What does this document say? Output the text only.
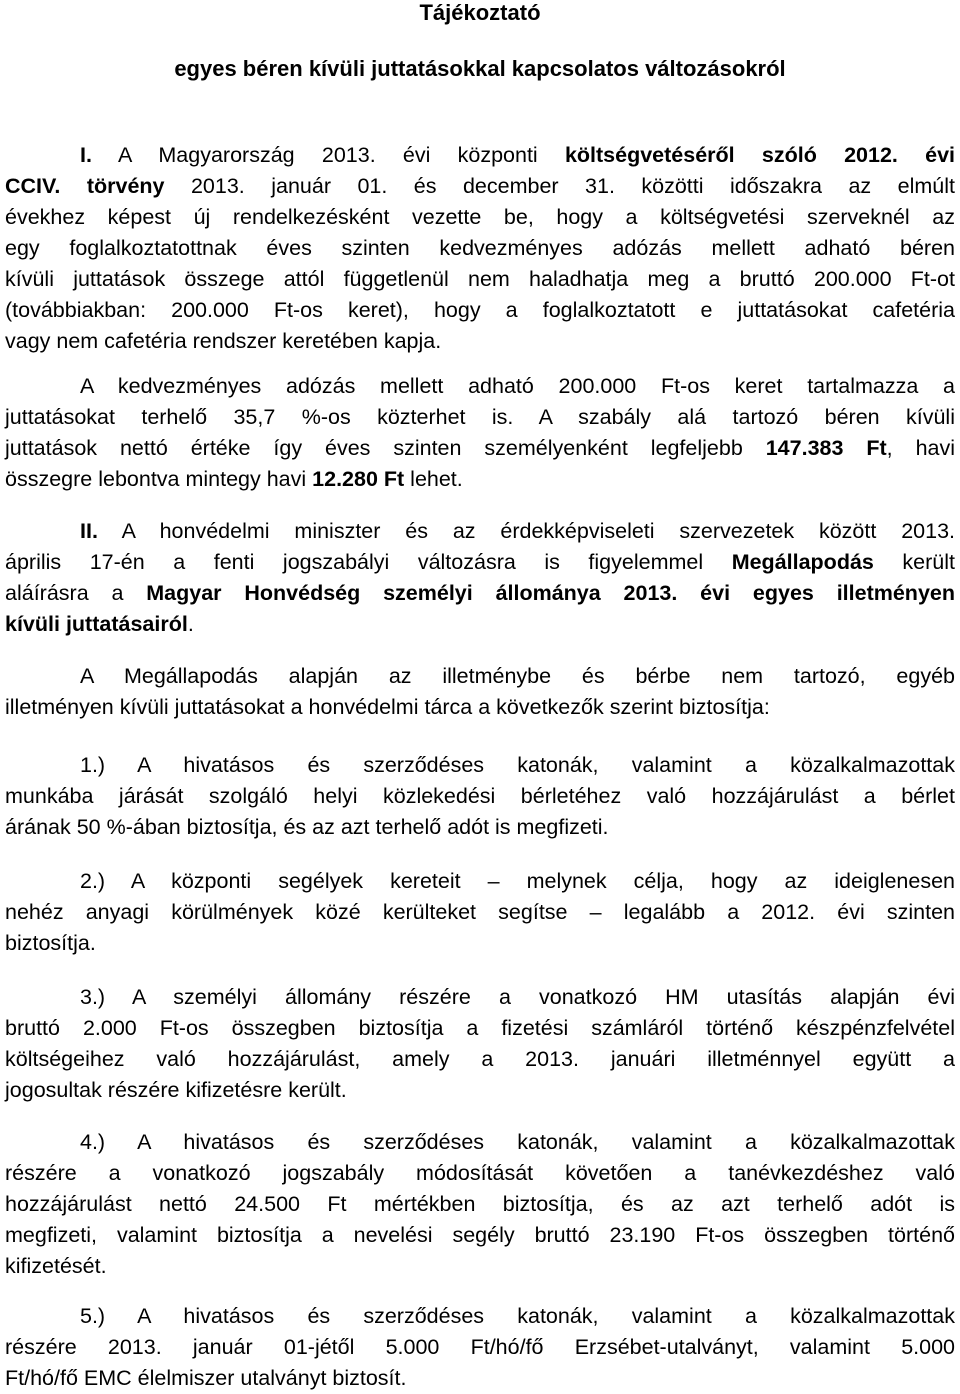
Tájékoztató
egyes béren kívüli juttatásokkal kapcsolatos változásokról
I. A Magyarország 2013. évi központi költségvetéséről szóló 2012. évi
CCIV. törvény 2013. január 01. és december 31. közötti időszakra az elmúlt
évekhez képest új rendelkezésként vezette be, hogy a költségvetési szerveknél az
egy foglalkoztatottnak éves szinten kedvezményes adózás mellett adható béren
kívüli juttatások összege attól függetlenül nem haladhatja meg a bruttó 200.000 Ft-ot
(továbbiakban: 200.000 Ft-os keret), hogy a foglalkoztatott e juttatásokat cafetéria
vagy nem cafetéria rendszer keretében kapja.
A kedvezményes adózás mellett adható 200.000 Ft-os keret tartalmazza a
juttatásokat terhelő 35,7 %-os közterhet is. A szabály alá tartozó béren kívüli
juttatások nettó értéke így éves szinten személyenként legfeljebb 147.383 Ft, havi
összegre lebontva mintegy havi 12.280 Ft lehet.
II. A honvédelmi miniszter és az érdekképviseleti szervezetek között 2013.
április 17-én a fenti jogszabályi változásra is figyelemmel Megállapodás került
aláírásra a Magyar Honvédség személyi állománya 2013. évi egyes illetményen
kívüli juttatásairól.
A Megállapodás alapján az illetménybe és bérbe nem tartozó, egyéb
illetményen kívüli juttatásokat a honvédelmi tárca a következők szerint biztosítja:
1.) A hivatásos és szerződéses katonák, valamint a közalkalmazottak
munkába járását szolgáló helyi közlekedési bérletéhez való hozzájárulást a bérlet
árának 50 %-ában biztosítja, és az azt terhelő adót is megfizeti.
2.) A központi segélyek kereteit – melynek célja, hogy az ideiglenesen
nehéz anyagi körülmények közé kerülteket segítse – legalább a 2012. évi szinten
biztosítja.
3.) A személyi állomány részére a vonatkozó HM utasítás alapján évi
bruttó 2.000 Ft-os összegben biztosítja a fizetési számláról történő készpénzfelvétel
költségeihez való hozzájárulást, amely a 2013. januári illetménnyel együtt a
jogosultak részére kifizetésre került.
4.) A hivatásos és szerződéses katonák, valamint a közalkalmazottak
részére a vonatkozó jogszabály módosítását követően a tanévkezdéshez való
hozzájárulást nettó 24.500 Ft mértékben biztosítja, és az azt terhelő adót is
megfizeti, valamint biztosítja a nevelési segély bruttó 23.190 Ft-os összegben történő
kifizetését.
5.) A hivatásos és szerződéses katonák, valamint a közalkalmazottak
részére 2013. január 01-jétől 5.000 Ft/hó/fő Erzsébet-utalványt, valamint 5.000
Ft/hó/fő EMC élelmiszer utalványt biztosít.
